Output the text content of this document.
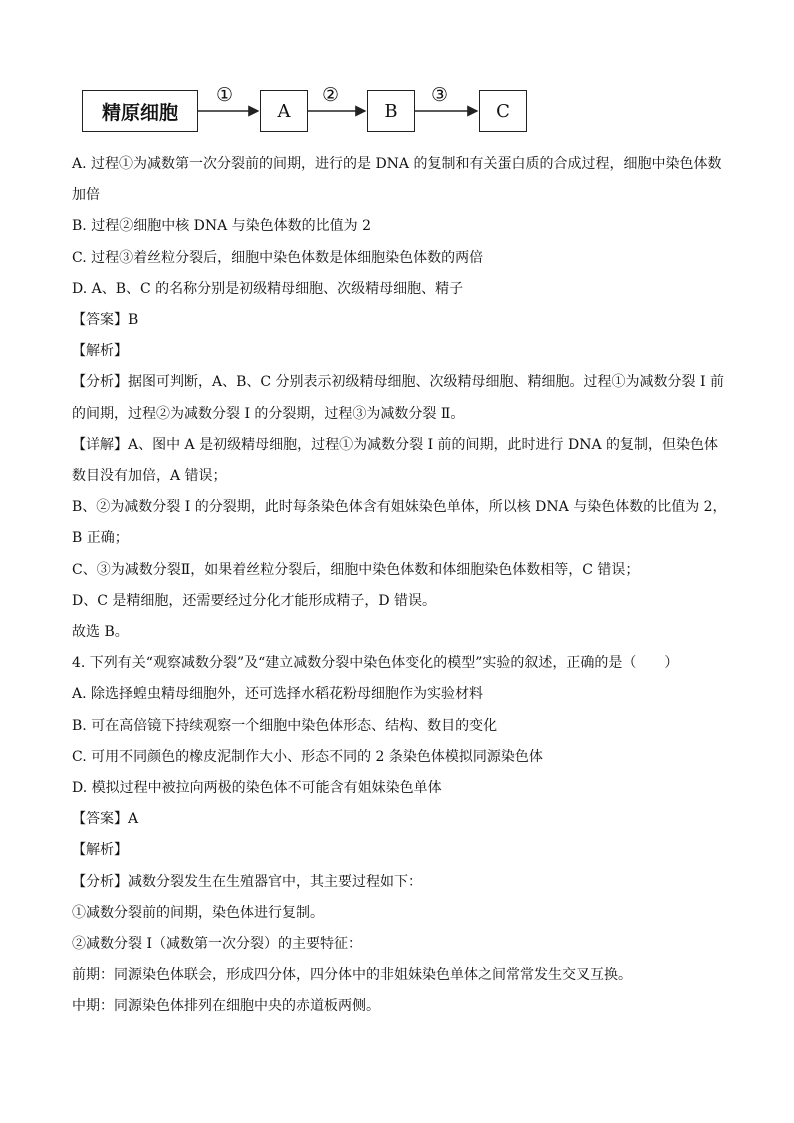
精原细胞
①
A
②
B
③
C
A. 过程①为减数第一次分裂前的间期，进行的是 DNA 的复制和有关蛋白质的合成过程，细胞中染色体数
加倍
B. 过程②细胞中核 DNA 与染色体数的比值为 2
C. 过程③着丝粒分裂后，细胞中染色体数是体细胞染色体数的两倍
D. A、B、C 的名称分别是初级精母细胞、次级精母细胞、精子
【答案】B
【解析】
【分析】据图可判断，A、B、C 分别表示初级精母细胞、次级精母细胞、精细胞。过程①为减数分裂 I 前
的间期，过程②为减数分裂 I 的分裂期，过程③为减数分裂 Ⅱ。
【详解】A、图中 A 是初级精母细胞，过程①为减数分裂 I 前的间期，此时进行 DNA 的复制，但染色体
数目没有加倍，A 错误；
B、②为减数分裂 I 的分裂期，此时每条染色体含有姐妹染色单体，所以核 DNA 与染色体数的比值为 2，
B 正确；
C、③为减数分裂Ⅱ，如果着丝粒分裂后，细胞中染色体数和体细胞染色体数相等，C 错误；
D、C 是精细胞，还需要经过分化才能形成精子，D 错误。
故选 B。
4. 下列有关“观察减数分裂”及“建立减数分裂中染色体变化的模型”实验的叙述，正确的是（　　）
A. 除选择蝗虫精母细胞外，还可选择水稻花粉母细胞作为实验材料
B. 可在高倍镜下持续观察一个细胞中染色体形态、结构、数目的变化
C. 可用不同颜色的橡皮泥制作大小、形态不同的 2 条染色体模拟同源染色体
D. 模拟过程中被拉向两极的染色体不可能含有姐妹染色单体
【答案】A
【解析】
【分析】减数分裂发生在生殖器官中，其主要过程如下：
①减数分裂前的间期，染色体进行复制。
②减数分裂 I（减数第一次分裂）的主要特征：
前期：同源染色体联会，形成四分体，四分体中的非姐妹染色单体之间常常发生交叉互换。
中期：同源染色体排列在细胞中央的赤道板两侧。
